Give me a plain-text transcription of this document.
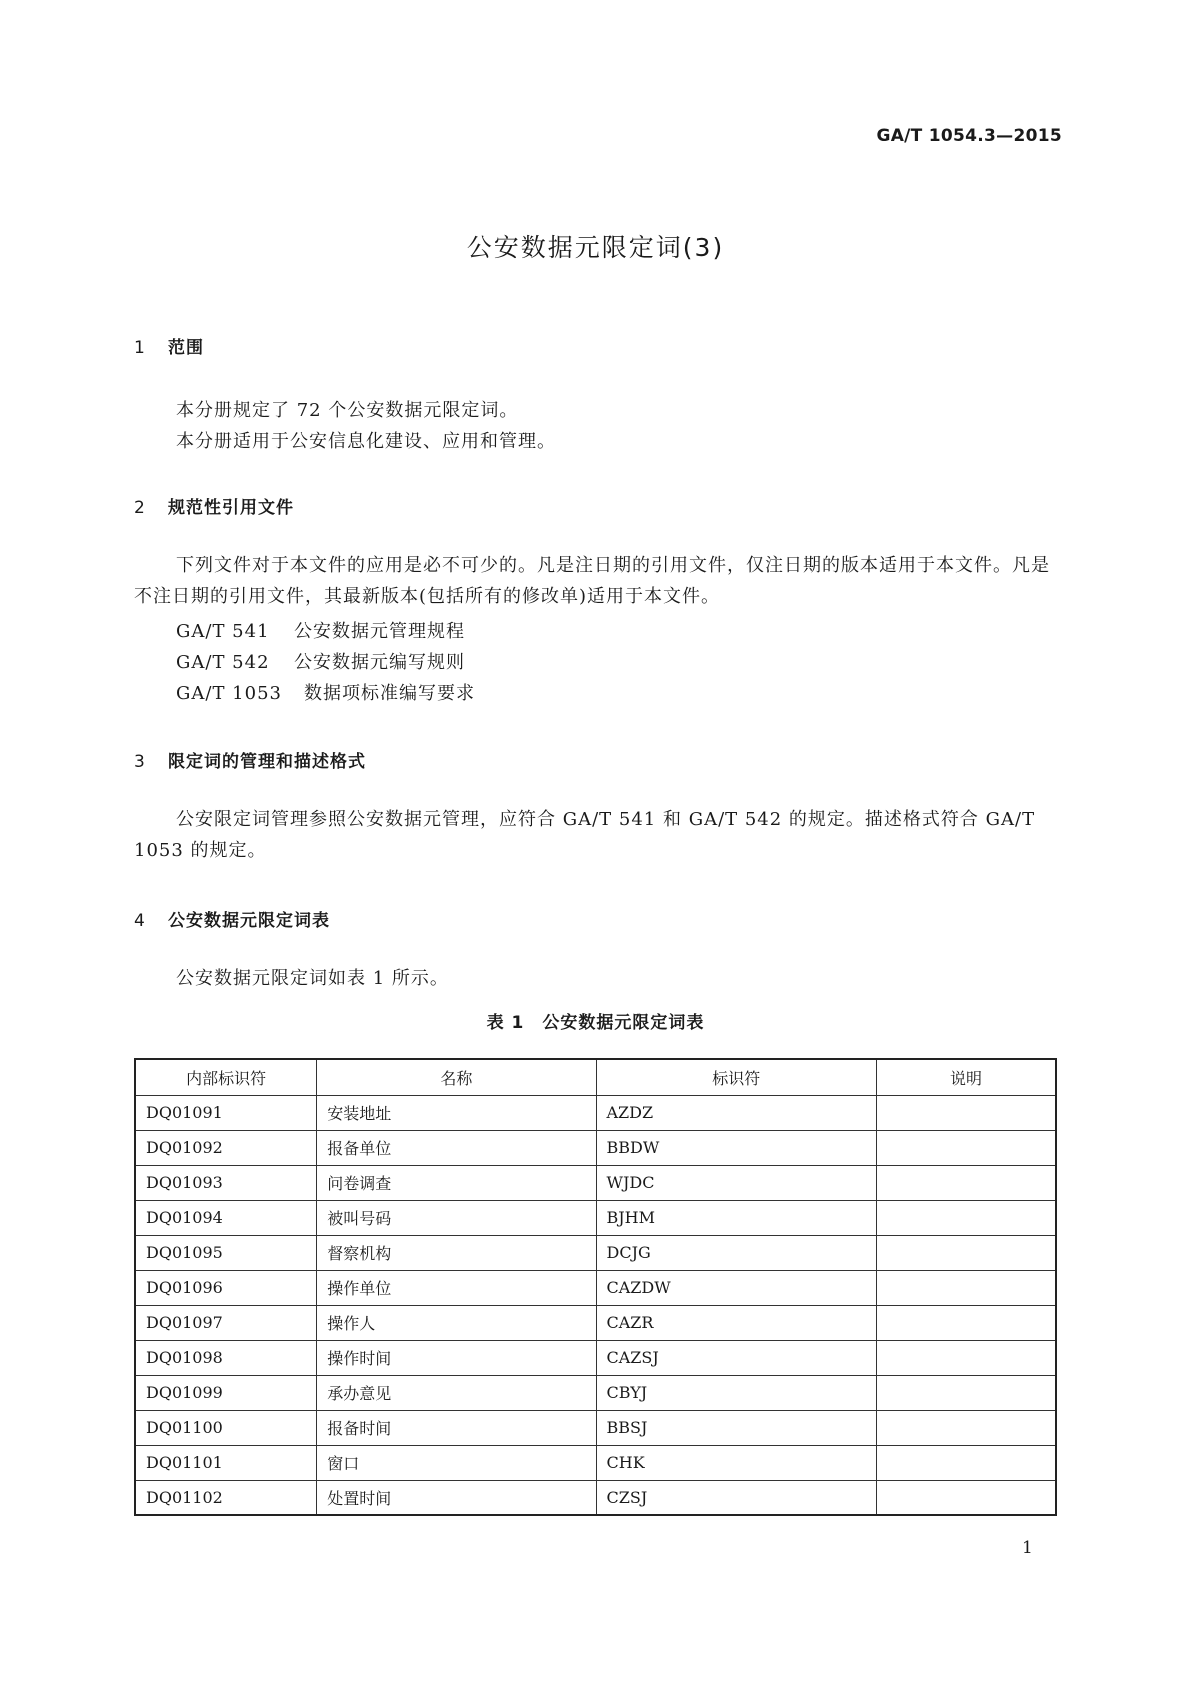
GA/T 1054.3—2015
公安数据元限定词(3)
1 范围
本分册规定了 72 个公安数据元限定词。
本分册适用于公安信息化建设、应用和管理。
2 规范性引用文件
下列文件对于本文件的应用是必不可少的。凡是注日期的引用文件，仅注日期的版本适用于本文件。凡是不注日期的引用文件，其最新版本(包括所有的修改单)适用于本文件。
GA/T 541 公安数据元管理规程
GA/T 542 公安数据元编写规则
GA/T 1053 数据项标准编写要求
3 限定词的管理和描述格式
公安限定词管理参照公安数据元管理，应符合 GA/T 541 和 GA/T 542 的规定。描述格式符合 GA/T 1053 的规定。
4 公安数据元限定词表
公安数据元限定词如表 1 所示。
表 1　公安数据元限定词表
内部标识符	名称	标识符	说明
DQ01091	安装地址	AZDZ	
DQ01092	报备单位	BBDW	
DQ01093	问卷调查	WJDC	
DQ01094	被叫号码	BJHM	
DQ01095	督察机构	DCJG	
DQ01096	操作单位	CAZDW	
DQ01097	操作人	CAZR	
DQ01098	操作时间	CAZSJ	
DQ01099	承办意见	CBYJ	
DQ01100	报备时间	BBSJ	
DQ01101	窗口	CHK	
DQ01102	处置时间	CZSJ	
1
